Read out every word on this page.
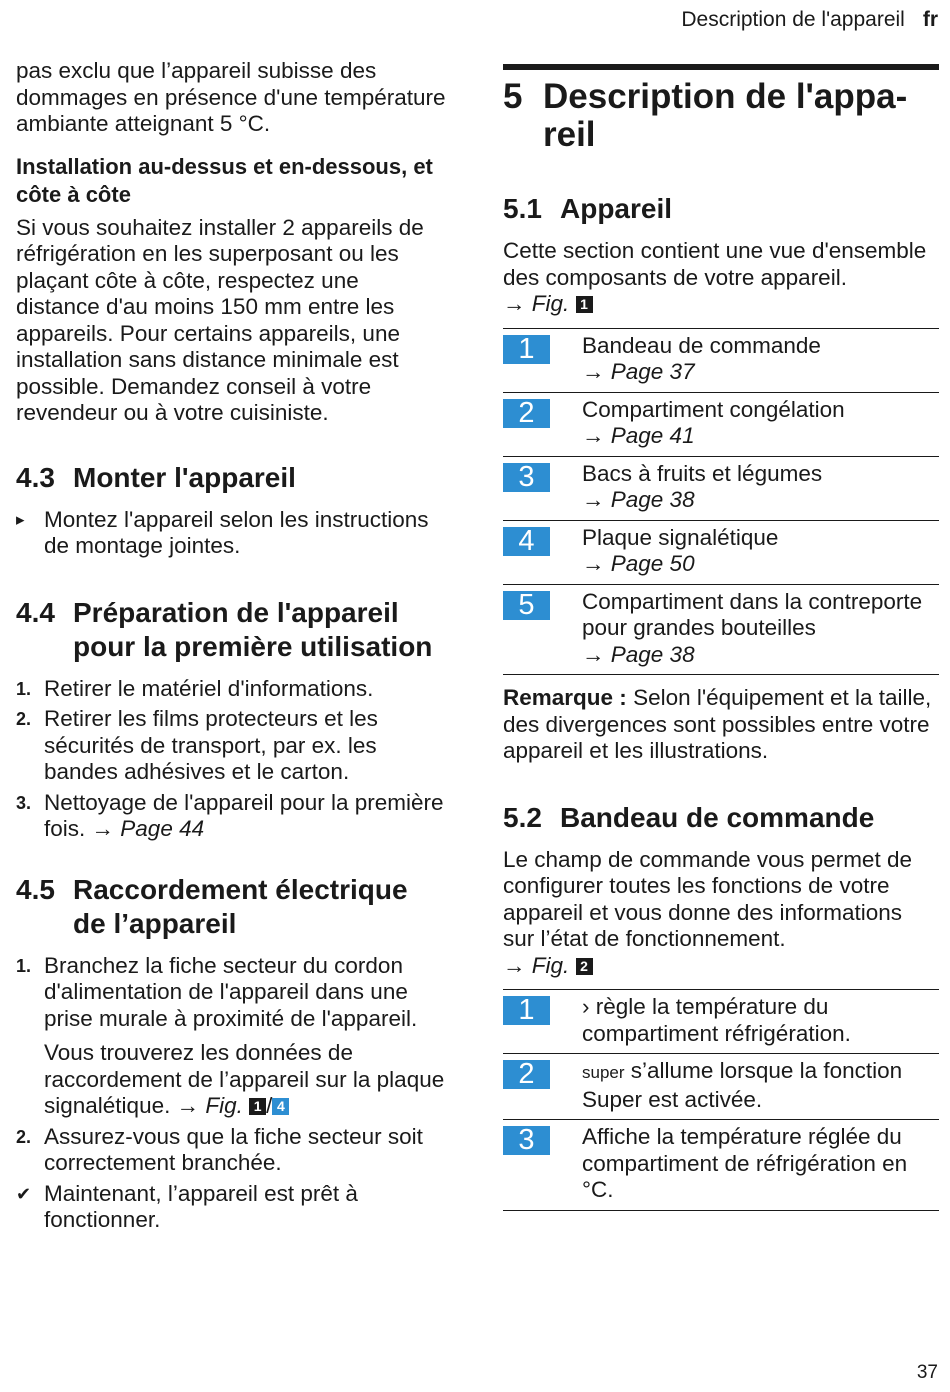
Description de l'appareil fr

pas exclu que l’appareil subisse des dommages en présence d'une température ambiante atteignant 5 °C.

Installation au-dessus et en-dessous, et côte à côte

Si vous souhaitez installer 2 appareils de réfrigération en les superposant ou les plaçant côte à côte, respectez une distance d'au moins 150 mm entre les appareils. Pour certains appareils, une installation sans distance minimale est possible. Demandez conseil à votre revendeur ou à votre cuisiniste.

4.3 Monter l'appareil
▸ Montez l'appareil selon les instructions de montage jointes.
4.4 Préparation de l'appareil pour la première utilisation
1. Retirer le matériel d'informations.
2. Retirer les films protecteurs et les sécurités de transport, par ex. les bandes adhésives et le carton.
3. Nettoyage de l'appareil pour la première fois. → Page 44
4.5 Raccordement électrique de l’appareil
1. Branchez la fiche secteur du cordon d'alimentation de l'appareil dans une prise murale à proximité de l'appareil.
Vous trouverez les données de raccordement de l’appareil sur la plaque signalétique. → Fig. 1 / 4
2. Assurez-vous que la fiche secteur soit correctement branchée.
✔ Maintenant, l’appareil est prêt à fonctionner.
5 Description de l'appareil
5.1 Appareil

Cette section contient une vue d'ensemble des composants de votre appareil.

→ Fig. 1

1	Bandeau de commande
→ Page 37
2	Compartiment congélation
→ Page 41
3	Bacs à fruits et légumes
→ Page 38
4	Plaque signalétique
→ Page 50
5	Compartiment dans la contreporte pour grandes bouteilles
→ Page 38

Remarque : Selon l'équipement et la taille, des divergences sont possibles entre votre appareil et les illustrations.

5.2 Bandeau de commande

Le champ de commande vous permet de configurer toutes les fonctions de votre appareil et vous donne des informations sur l’état de fonctionnement.

→ Fig. 2

1	› règle la température du compartiment réfrigération.
2	super s’allume lorsque la fonction Super est activée.
3	Affiche la température réglée du compartiment de réfrigération en °C.
37
